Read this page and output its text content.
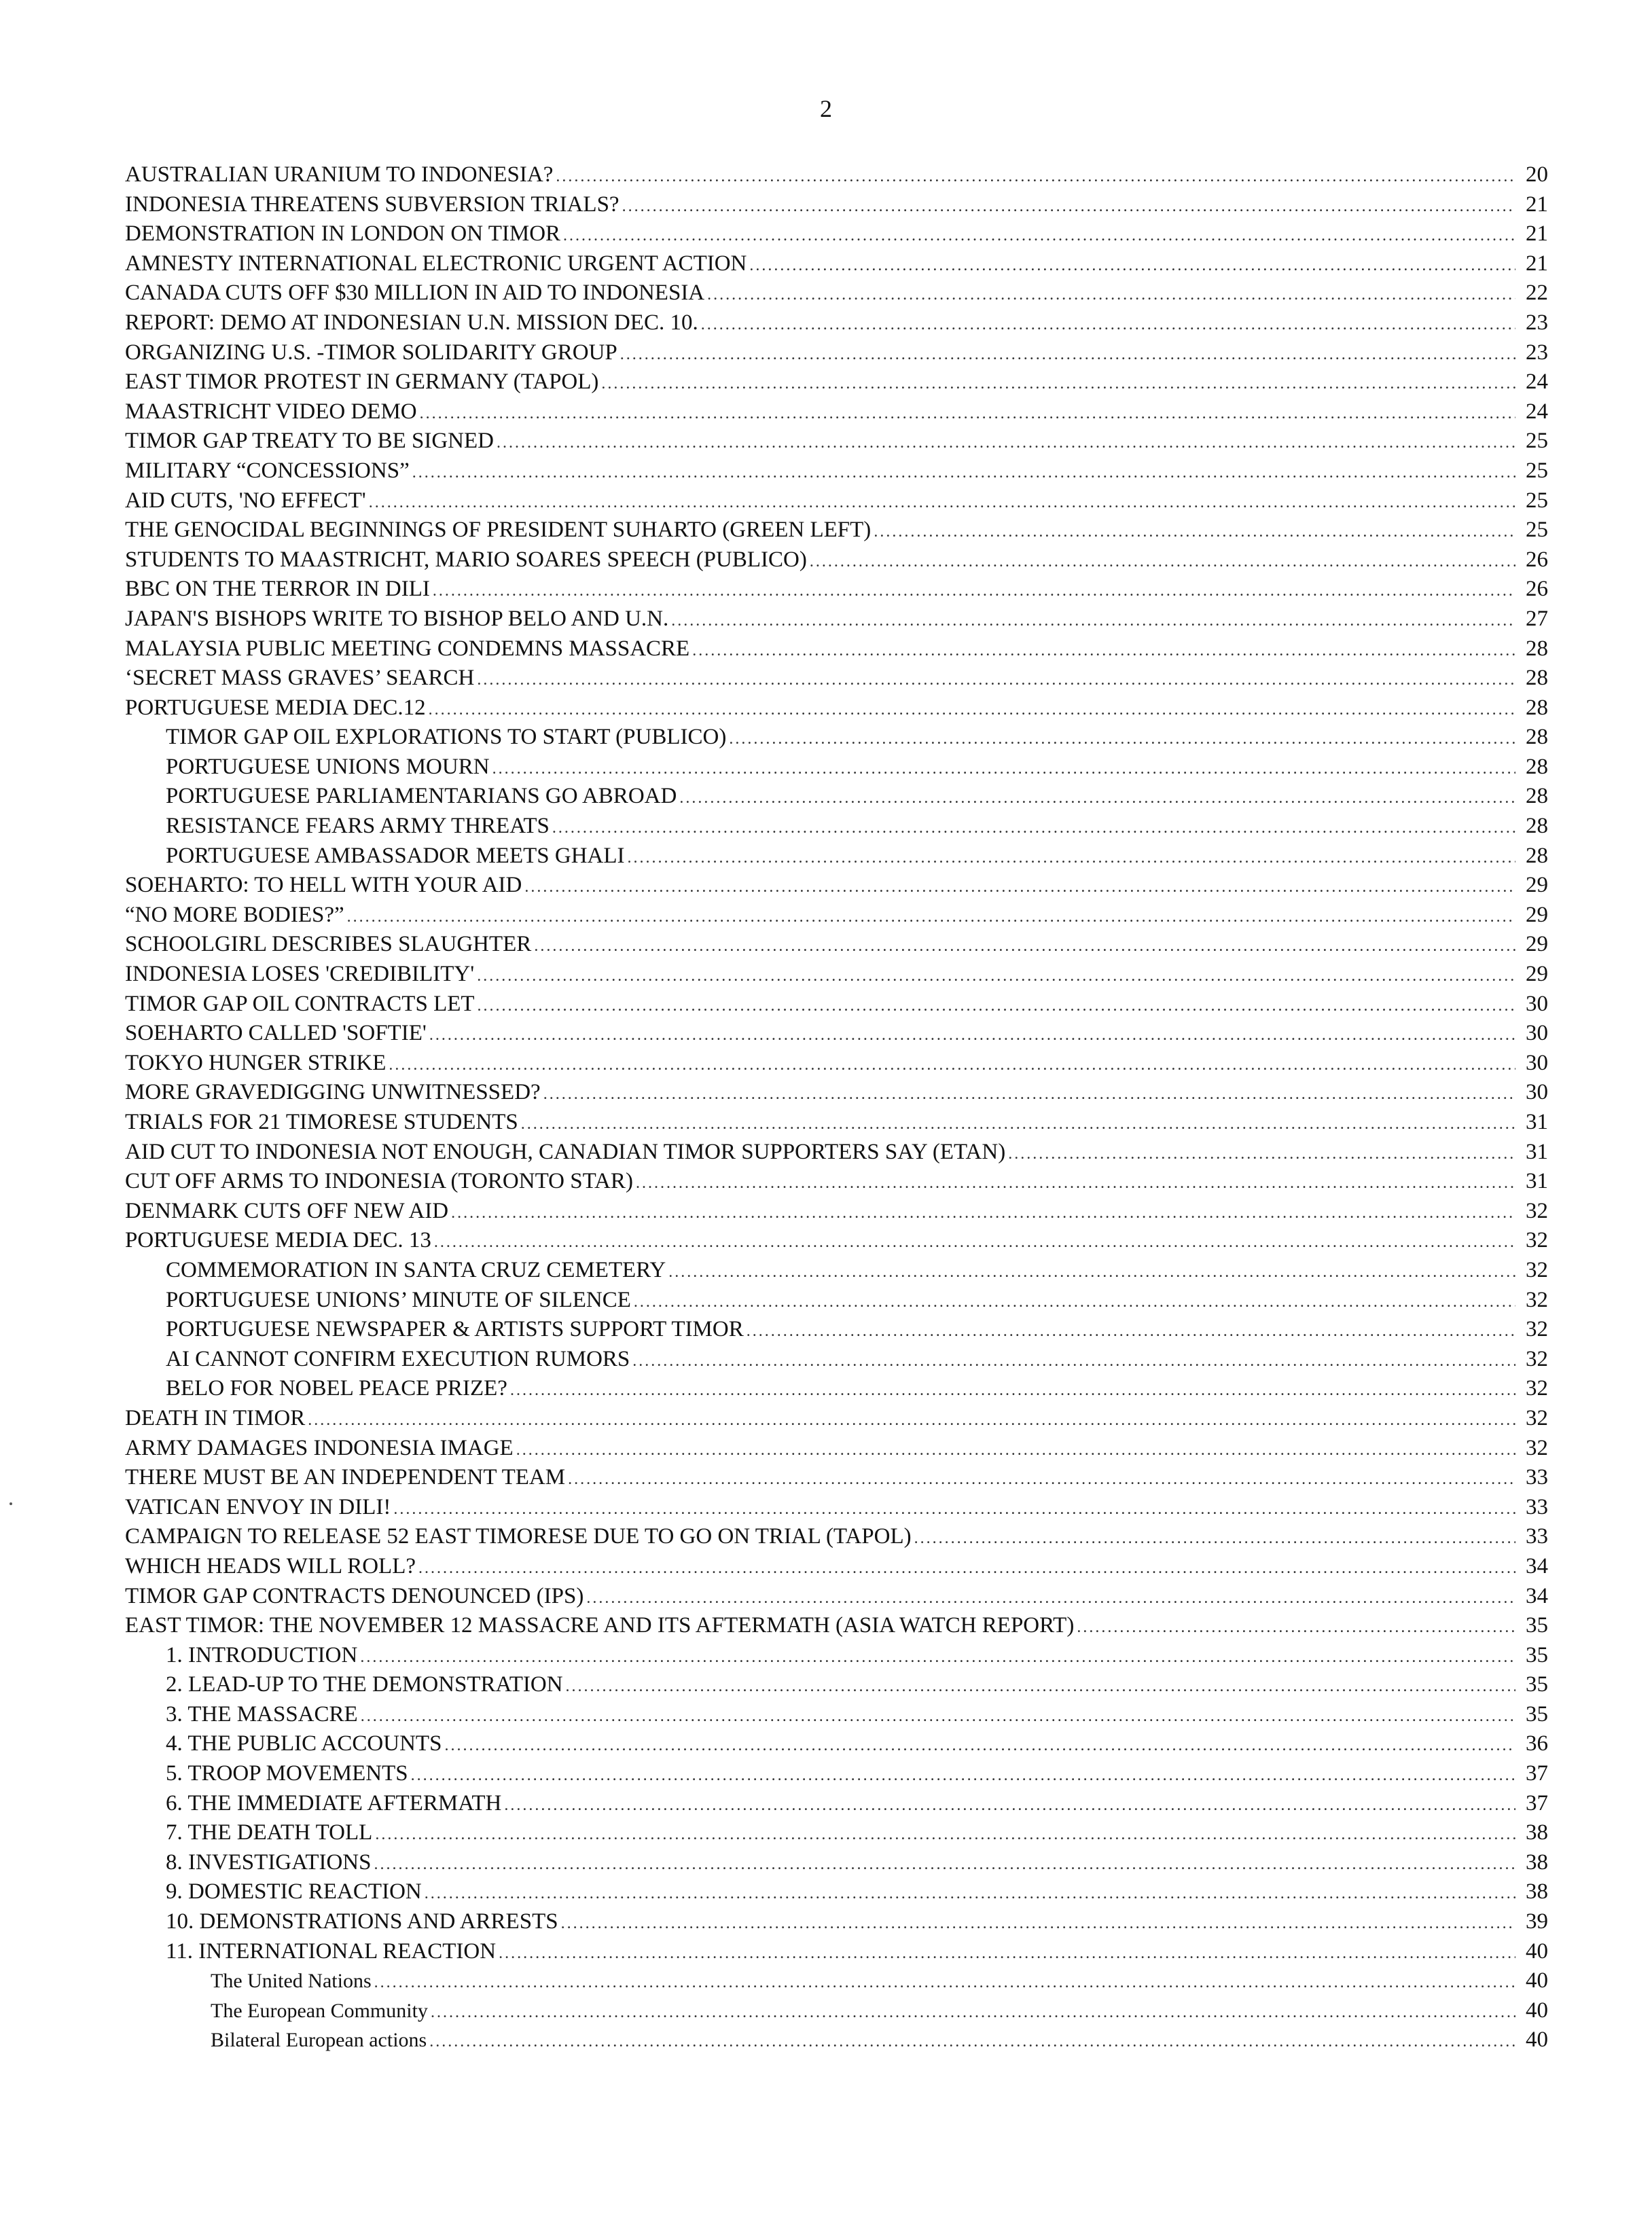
2
AUSTRALIAN URANIUM TO INDONESIA? .....	20
INDONESIA THREATENS SUBVERSION TRIALS? .....	21
DEMONSTRATION IN LONDON ON TIMOR .....	21
AMNESTY INTERNATIONAL ELECTRONIC URGENT ACTION .....	21
CANADA CUTS OFF $30 MILLION IN AID TO INDONESIA .....	22
REPORT: DEMO AT INDONESIAN U.N. MISSION DEC. 10. .....	23
ORGANIZING U.S. -TIMOR SOLIDARITY GROUP .....	23
EAST TIMOR PROTEST IN GERMANY (TAPOL) .....	24
MAASTRICHT VIDEO DEMO .....	24
TIMOR GAP TREATY TO BE SIGNED .....	25
MILITARY “CONCESSIONS” .....	25
AID CUTS, 'NO EFFECT' .....	25
THE GENOCIDAL BEGINNINGS OF PRESIDENT SUHARTO (GREEN LEFT) .....	25
STUDENTS TO MAASTRICHT, MARIO SOARES SPEECH (PUBLICO) .....	26
BBC ON THE TERROR IN DILI .....	26
JAPAN'S BISHOPS WRITE TO BISHOP BELO AND U.N. .....	27
MALAYSIA PUBLIC MEETING CONDEMNS MASSACRE .....	28
‘SECRET MASS GRAVES’ SEARCH .....	28
PORTUGUESE MEDIA DEC.12 .....	28
TIMOR GAP OIL EXPLORATIONS TO START (PUBLICO) .....	28
PORTUGUESE UNIONS MOURN .....	28
PORTUGUESE PARLIAMENTARIANS GO ABROAD .....	28
RESISTANCE FEARS ARMY THREATS .....	28
PORTUGUESE AMBASSADOR MEETS GHALI .....	28
SOEHARTO: TO HELL WITH YOUR AID .....	29
“NO MORE BODIES?” .....	29
SCHOOLGIRL DESCRIBES SLAUGHTER .....	29
INDONESIA LOSES 'CREDIBILITY' .....	29
TIMOR GAP OIL CONTRACTS LET .....	30
SOEHARTO CALLED 'SOFTIE' .....	30
TOKYO HUNGER STRIKE .....	30
MORE GRAVEDIGGING UNWITNESSED? .....	30
TRIALS FOR 21 TIMORESE STUDENTS .....	31
AID CUT TO INDONESIA NOT ENOUGH, CANADIAN TIMOR SUPPORTERS SAY (ETAN) .....	31
CUT OFF ARMS TO INDONESIA (TORONTO STAR) .....	31
DENMARK CUTS OFF NEW AID .....	32
PORTUGUESE MEDIA DEC. 13 .....	32
COMMEMORATION IN SANTA CRUZ CEMETERY .....	32
PORTUGUESE UNIONS’ MINUTE OF SILENCE .....	32
PORTUGUESE NEWSPAPER & ARTISTS SUPPORT TIMOR .....	32
AI CANNOT CONFIRM EXECUTION RUMORS .....	32
BELO FOR NOBEL PEACE PRIZE? .....	32
DEATH IN TIMOR .....	32
ARMY DAMAGES INDONESIA IMAGE .....	32
THERE MUST BE AN INDEPENDENT TEAM .....	33
VATICAN ENVOY IN DILI! .....	33
CAMPAIGN TO RELEASE 52 EAST TIMORESE DUE TO GO ON TRIAL (TAPOL) .....	33
WHICH HEADS WILL ROLL? .....	34
TIMOR GAP CONTRACTS DENOUNCED (IPS) .....	34
EAST TIMOR: THE NOVEMBER 12 MASSACRE AND ITS AFTERMATH (ASIA WATCH REPORT) .....	35
1. INTRODUCTION .....	35
2. LEAD-UP TO THE DEMONSTRATION .....	35
3. THE MASSACRE .....	35
4. THE PUBLIC ACCOUNTS .....	36
5. TROOP MOVEMENTS .....	37
6. THE IMMEDIATE AFTERMATH .....	37
7. THE DEATH TOLL .....	38
8. INVESTIGATIONS .....	38
9. DOMESTIC REACTION .....	38
10. DEMONSTRATIONS AND ARRESTS .....	39
11. INTERNATIONAL REACTION .....	40
The United Nations .....	40
The European Community .....	40
Bilateral European actions .....	40
